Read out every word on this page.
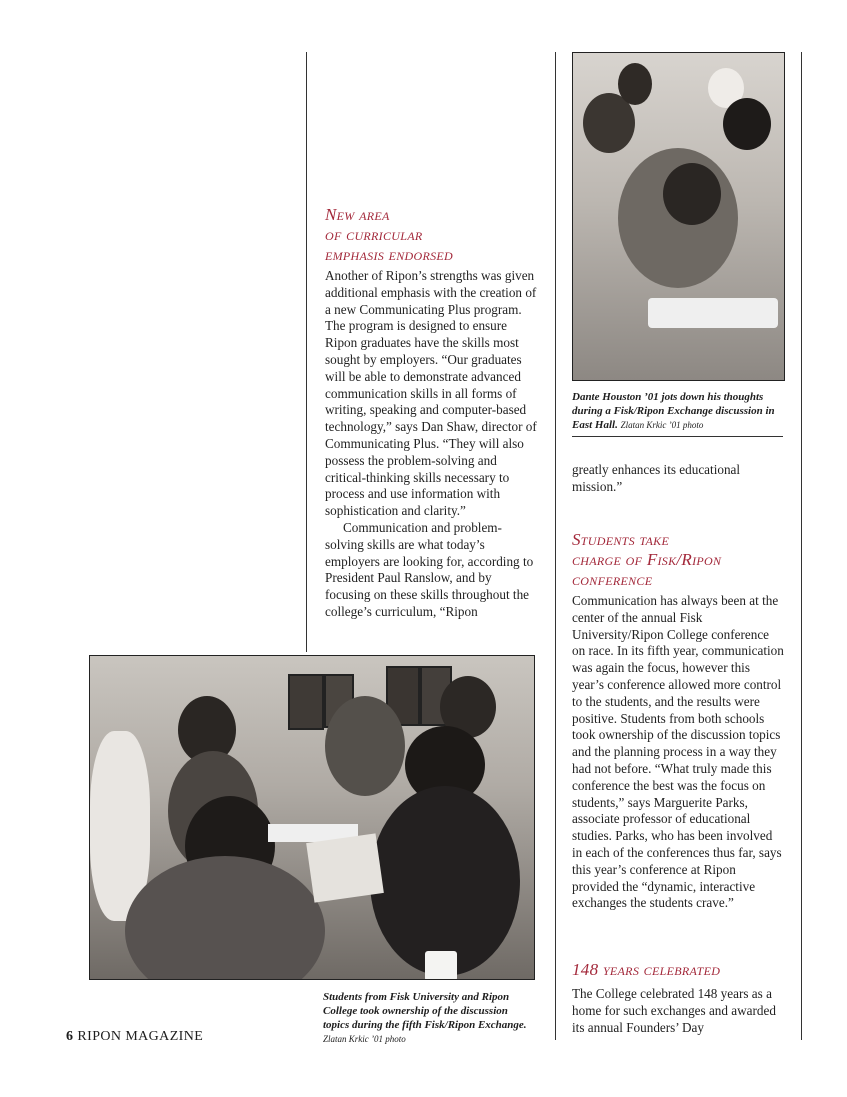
New area
of curricular
emphasis endorsed

Another of Ripon’s strengths was given additional emphasis with the creation of a new Communicating Plus program. The program is designed to ensure Ripon graduates have the skills most sought by employers. “Our graduates will be able to demonstrate advanced communication skills in all forms of writing, speaking and computer-based technology,” says Dan Shaw, director of Communicating Plus. “They will also possess the problem-solving and critical-thinking skills necessary to process and use information with sophistication and clarity.”

Communication and problem-solving skills are what today’s employers are looking for, according to President Paul Ranslow, and by focusing on these skills throughout the college’s curriculum, “Ripon

Dante Houston ’01 jots down his thoughts during a Fisk/Ripon Exchange discussion in East Hall. Zlatan Krkic ’01 photo

greatly enhances its educational mission.”

Students take
charge of Fisk/Ripon
conference

Communication has always been at the center of the annual Fisk University/Ripon College conference on race. In its fifth year, communication was again the focus, however this year’s conference allowed more control to the students, and the results were positive. Students from both schools took ownership of the discussion topics and the planning process in a way they had not before. “What truly made this conference the best was the focus on students,” says Marguerite Parks, associate professor of educational studies. Parks, who has been involved in each of the conferences thus far, says this year’s conference at Ripon provided the “dynamic, interactive exchanges the students crave.”

148 years celebrated

The College celebrated 148 years as a home for such exchanges and awarded its annual Founders’ Day

Students from Fisk University and Ripon College took ownership of the discussion topics during the fifth Fisk/Ripon Exchange. Zlatan Krkic ’01 photo
6 RIPON MAGAZINE
